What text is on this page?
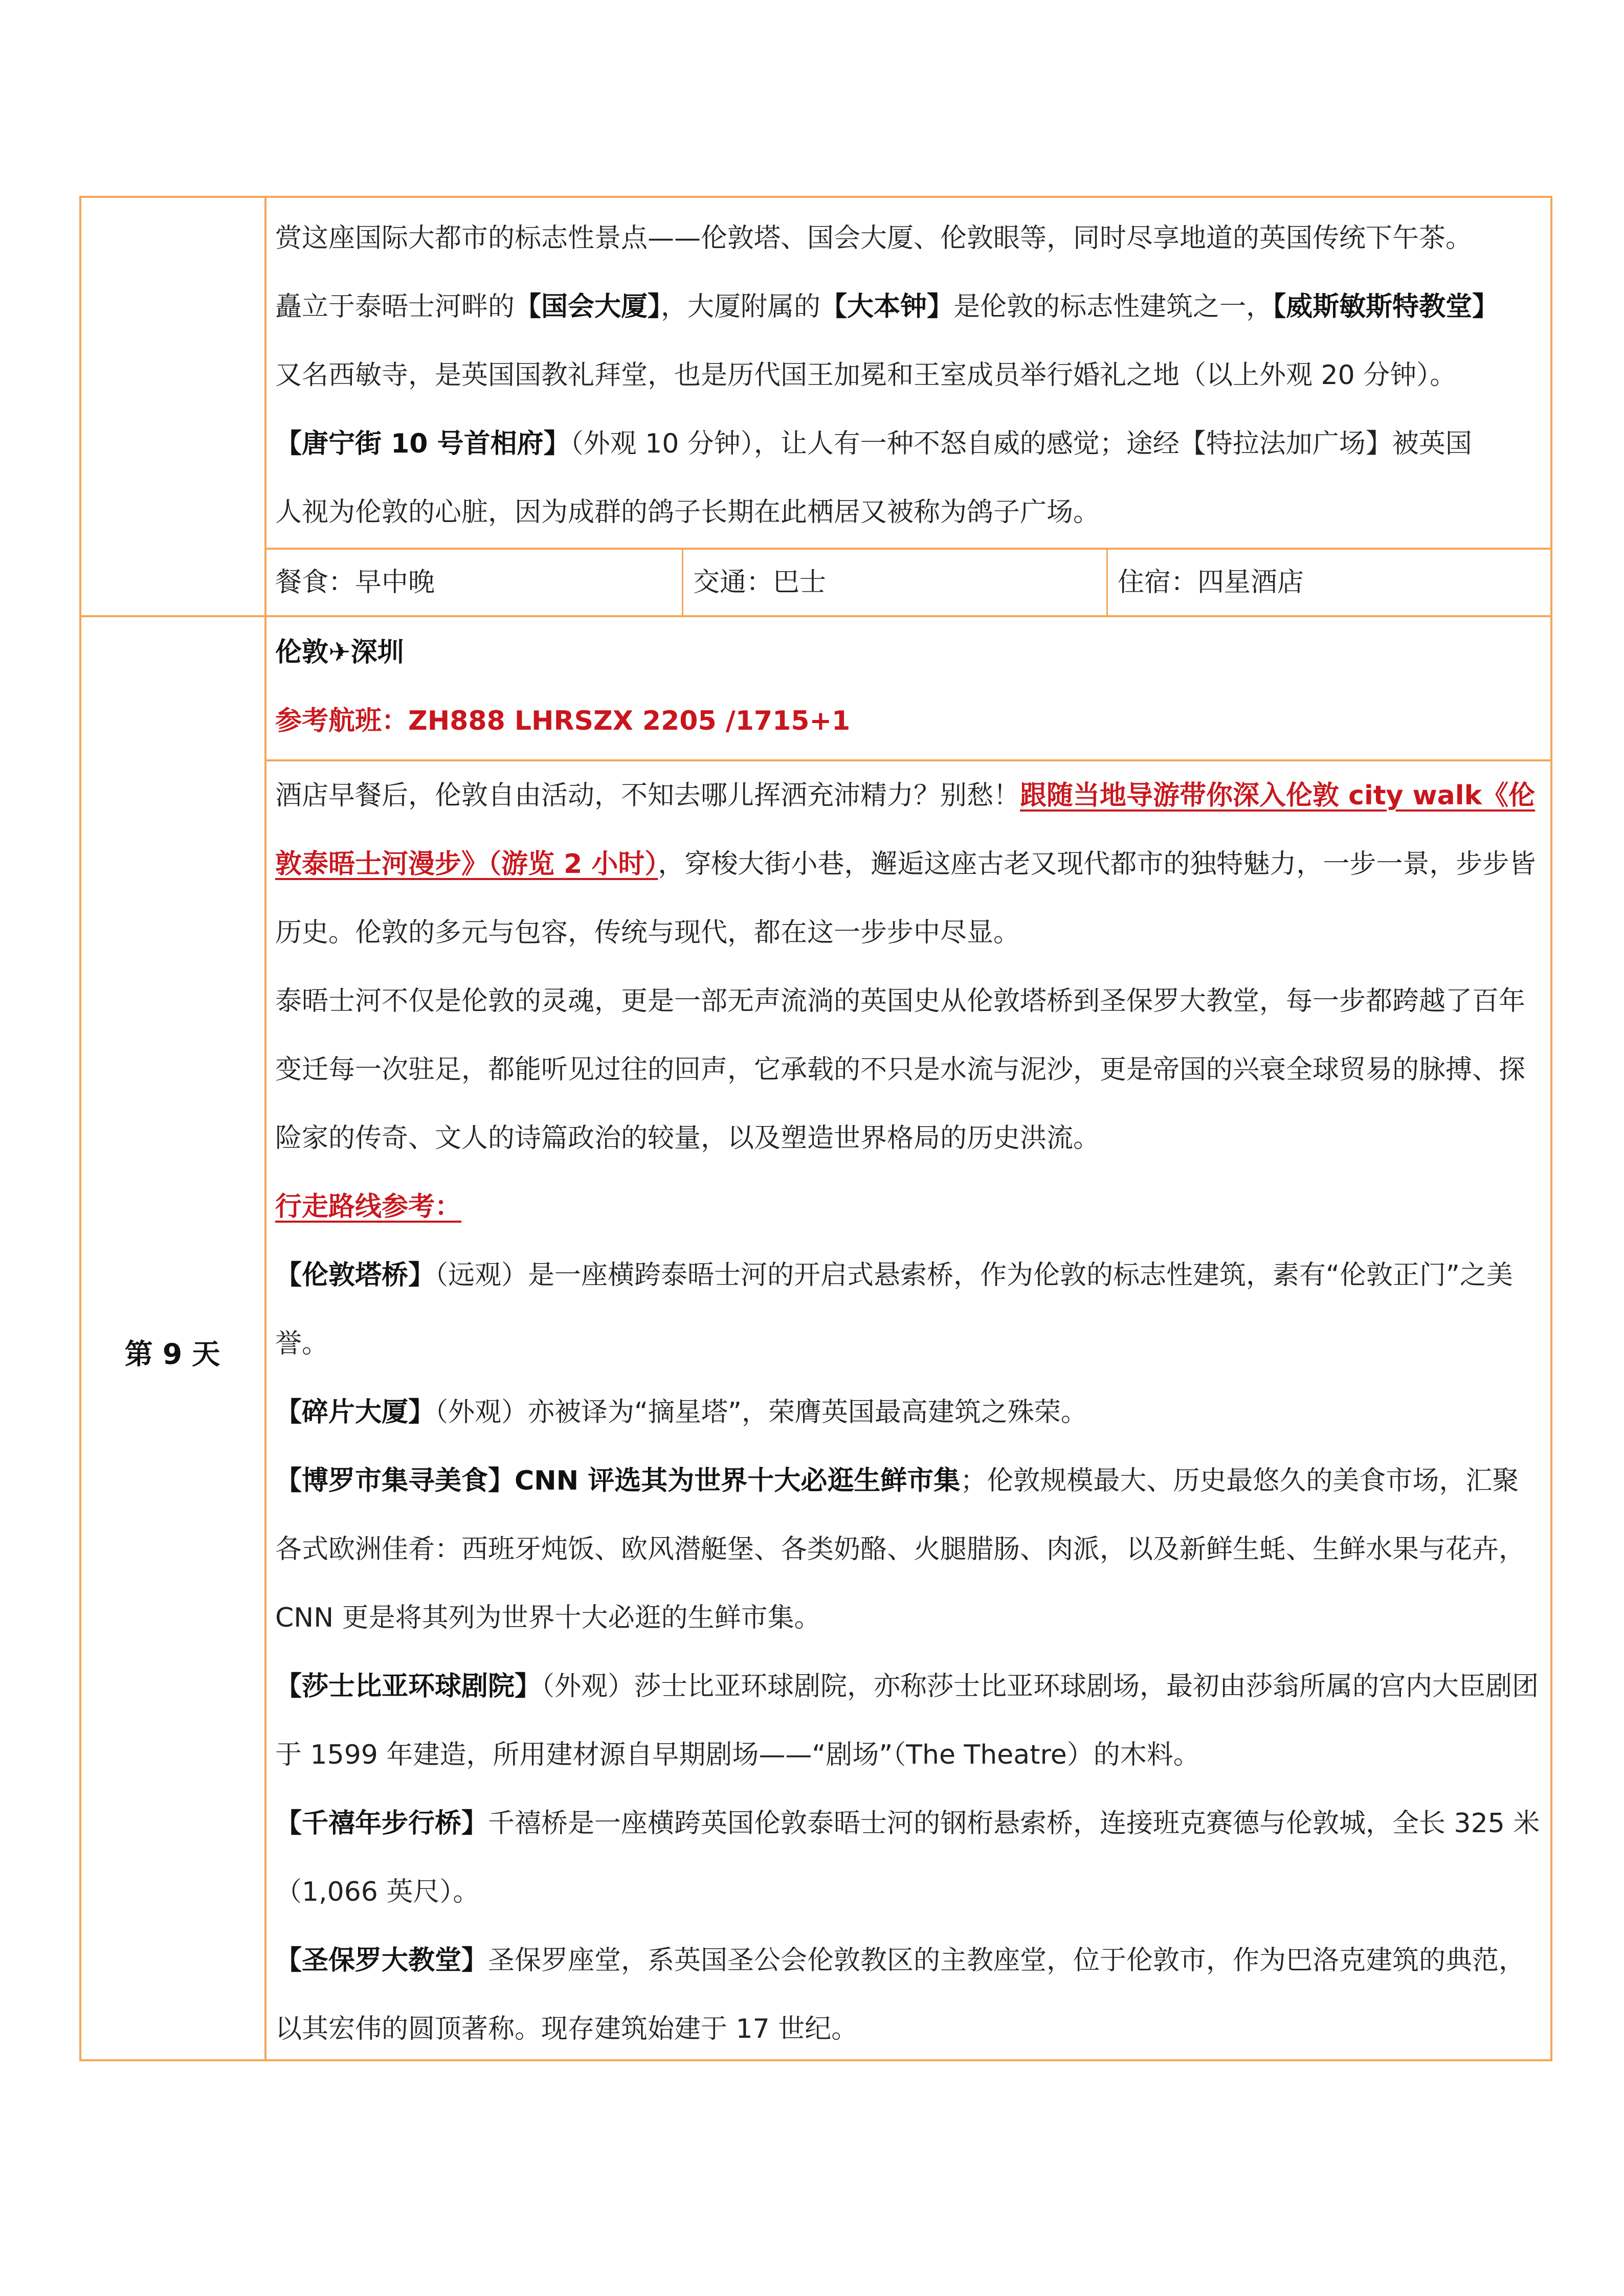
赏这座国际大都市的标志性景点——伦敦塔、国会大厦、伦敦眼等，同时尽享地道的英国传统下午茶。

矗立于泰晤士河畔的【国会大厦】，大厦附属的【大本钟】是伦敦的标志性建筑之一，【威斯敏斯特教堂】

又名西敏寺，是英国国教礼拜堂，也是历代国王加冕和王室成员举行婚礼之地（以上外观 20 分钟）。

【唐宁街 10 号首相府】（外观 10 分钟），让人有一种不怒自威的感觉；途经【特拉法加广场】被英国

人视为伦敦的心脏，因为成群的鸽子长期在此栖居又被称为鸽子广场。

餐食：早中晚	交通：巴士	住宿：四星酒店
第 9 天

伦敦✈深圳

参考航班：ZH888 LHRSZX 2205 /1715+1

酒店早餐后，伦敦自由活动，不知去哪儿挥洒充沛精力？别愁！跟随当地导游带你深入伦敦 city walk《伦敦泰晤士河漫步》（游览 2 小时），穿梭大街小巷，邂逅这座古老又现代都市的独特魅力，一步一景，步步皆历史。伦敦的多元与包容，传统与现代，都在这一步步中尽显。

泰晤士河不仅是伦敦的灵魂，更是一部无声流淌的英国史从伦敦塔桥到圣保罗大教堂，每一步都跨越了百年变迁每一次驻足，都能听见过往的回声，它承载的不只是水流与泥沙，更是帝国的兴衰全球贸易的脉搏、探险家的传奇、文人的诗篇政治的较量，以及塑造世界格局的历史洪流。

行走路线参考：

【伦敦塔桥】（远观）是一座横跨泰晤士河的开启式悬索桥，作为伦敦的标志性建筑，素有“伦敦正门”之美誉。

【碎片大厦】（外观）亦被译为“摘星塔”，荣膺英国最高建筑之殊荣。

【博罗市集寻美食】CNN 评选其为世界十大必逛生鲜市集；伦敦规模最大、历史最悠久的美食市场，汇聚各式欧洲佳肴：西班牙炖饭、欧风潜艇堡、各类奶酪、火腿腊肠、肉派，以及新鲜生蚝、生鲜水果与花卉，CNN 更是将其列为世界十大必逛的生鲜市集。

【莎士比亚环球剧院】（外观）莎士比亚环球剧院，亦称莎士比亚环球剧场，最初由莎翁所属的宫内大臣剧团于 1599 年建造，所用建材源自早期剧场——“剧场”（The Theatre）的木料。

【千禧年步行桥】千禧桥是一座横跨英国伦敦泰晤士河的钢桁悬索桥，连接班克赛德与伦敦城，全长 325 米（1,066 英尺）。

【圣保罗大教堂】圣保罗座堂，系英国圣公会伦敦教区的主教座堂，位于伦敦市，作为巴洛克建筑的典范，以其宏伟的圆顶著称。现存建筑始建于 17 世纪。
